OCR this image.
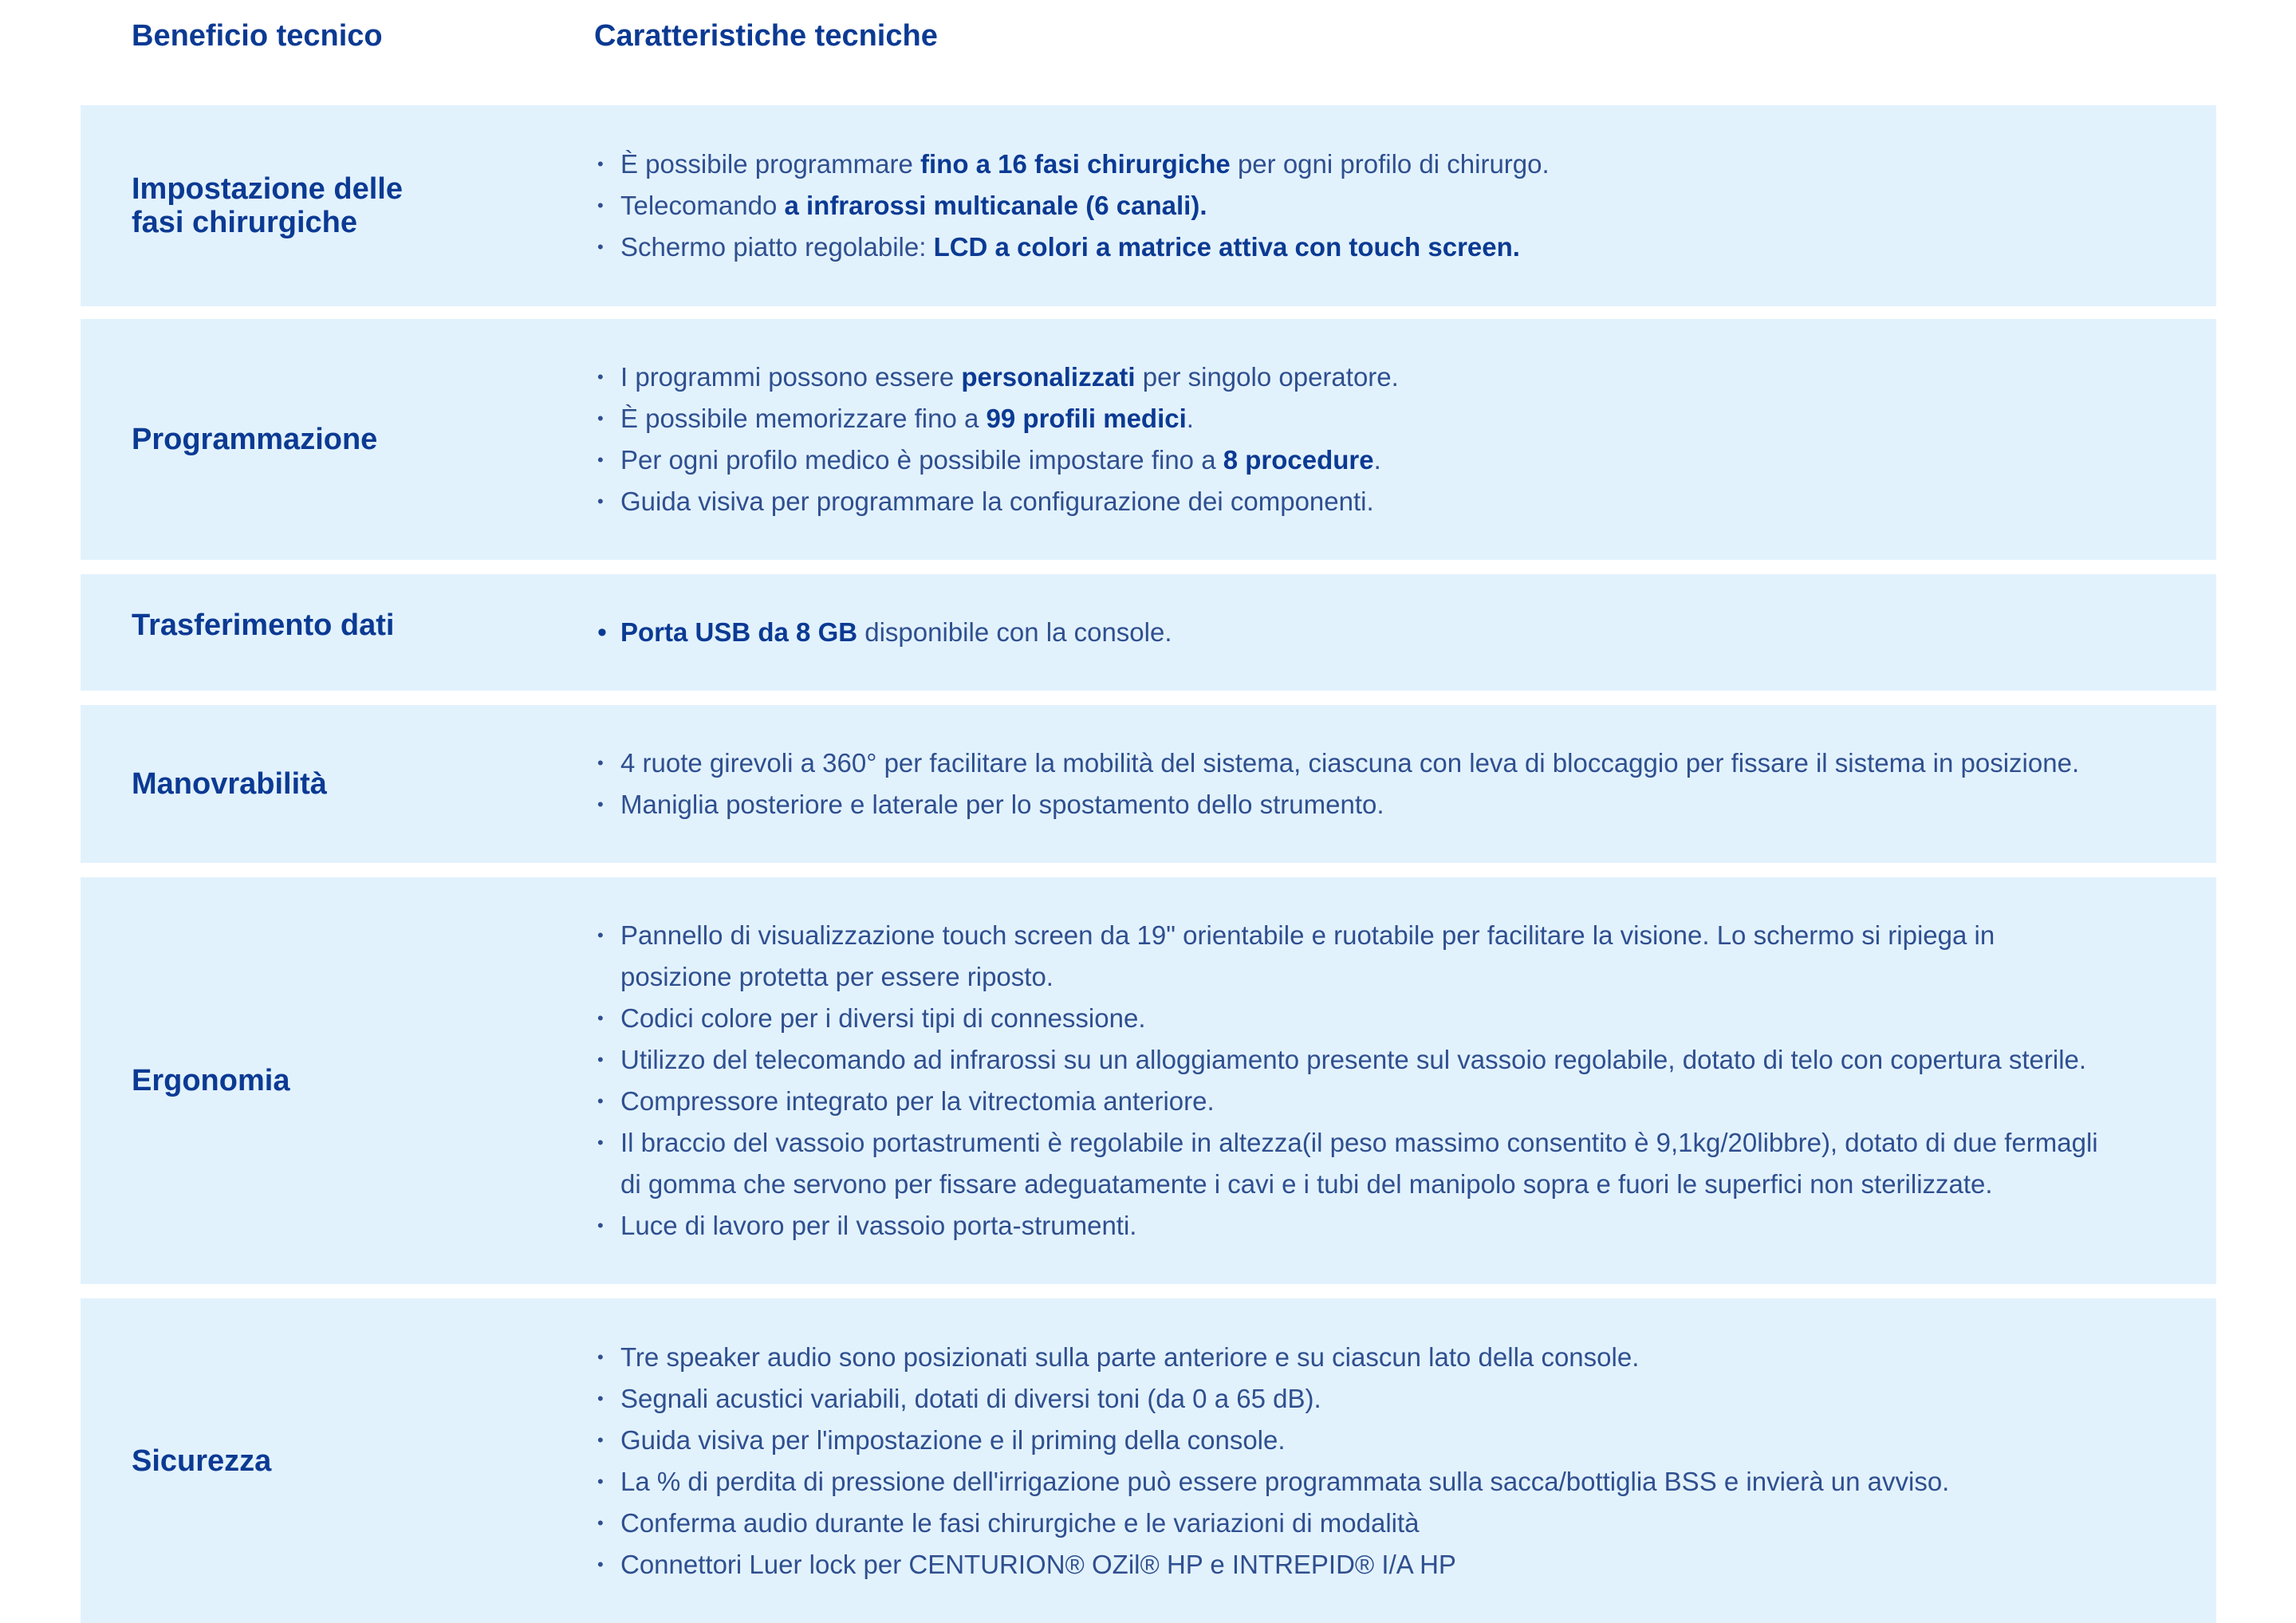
Beneficio tecnico	Caratteristiche tecniche
Impostazione delle
fasi chirurgiche
• È possibile programmare fino a 16 fasi chirurgiche per ogni profilo di chirurgo.
• Telecomando a infrarossi multicanale (6 canali).
• Schermo piatto regolabile: LCD a colori a matrice attiva con touch screen.
Programmazione
• I programmi possono essere personalizzati per singolo operatore.
• È possibile memorizzare fino a 99 profili medici.
• Per ogni profilo medico è possibile impostare fino a 8 procedure.
• Guida visiva per programmare la configurazione dei componenti.
Trasferimento dati
•	Porta USB da 8 GB disponibile con la console.
Manovrabilità
• 4 ruote girevoli a 360° per facilitare la mobilità del sistema, ciascuna con leva di bloccaggio per fissare il sistema in posizione.
• Maniglia posteriore e laterale per lo spostamento dello strumento.
Ergonomia
• Pannello di visualizzazione touch screen da 19" orientabile e ruotabile per facilitare la visione. Lo schermo si ripiega in posizione protetta per essere riposto.
• Codici colore per i diversi tipi di connessione.
• Utilizzo del telecomando ad infrarossi su un alloggiamento presente sul vassoio regolabile, dotato di telo con copertura sterile.
• Compressore integrato per la vitrectomia anteriore.
• Il braccio del vassoio portastrumenti è regolabile in altezza(il peso massimo consentito è 9,1kg/20libbre), dotato di due fermagli di gomma che servono per fissare adeguatamente i cavi e i tubi del manipolo sopra e fuori le superfici non sterilizzate.
• Luce di lavoro per il vassoio porta-strumenti.
Sicurezza
• Tre speaker audio sono posizionati sulla parte anteriore e su ciascun lato della console.
• Segnali acustici variabili, dotati di diversi toni (da 0 a 65 dB).
• Guida visiva per l'impostazione e il priming della console.
• La % di perdita di pressione dell'irrigazione può essere programmata sulla sacca/bottiglia BSS e invierà un avviso.
• Conferma audio durante le fasi chirurgiche e le variazioni di modalità
• Connettori Luer lock per CENTURION® OZil® HP e INTREPID® I/A HP
